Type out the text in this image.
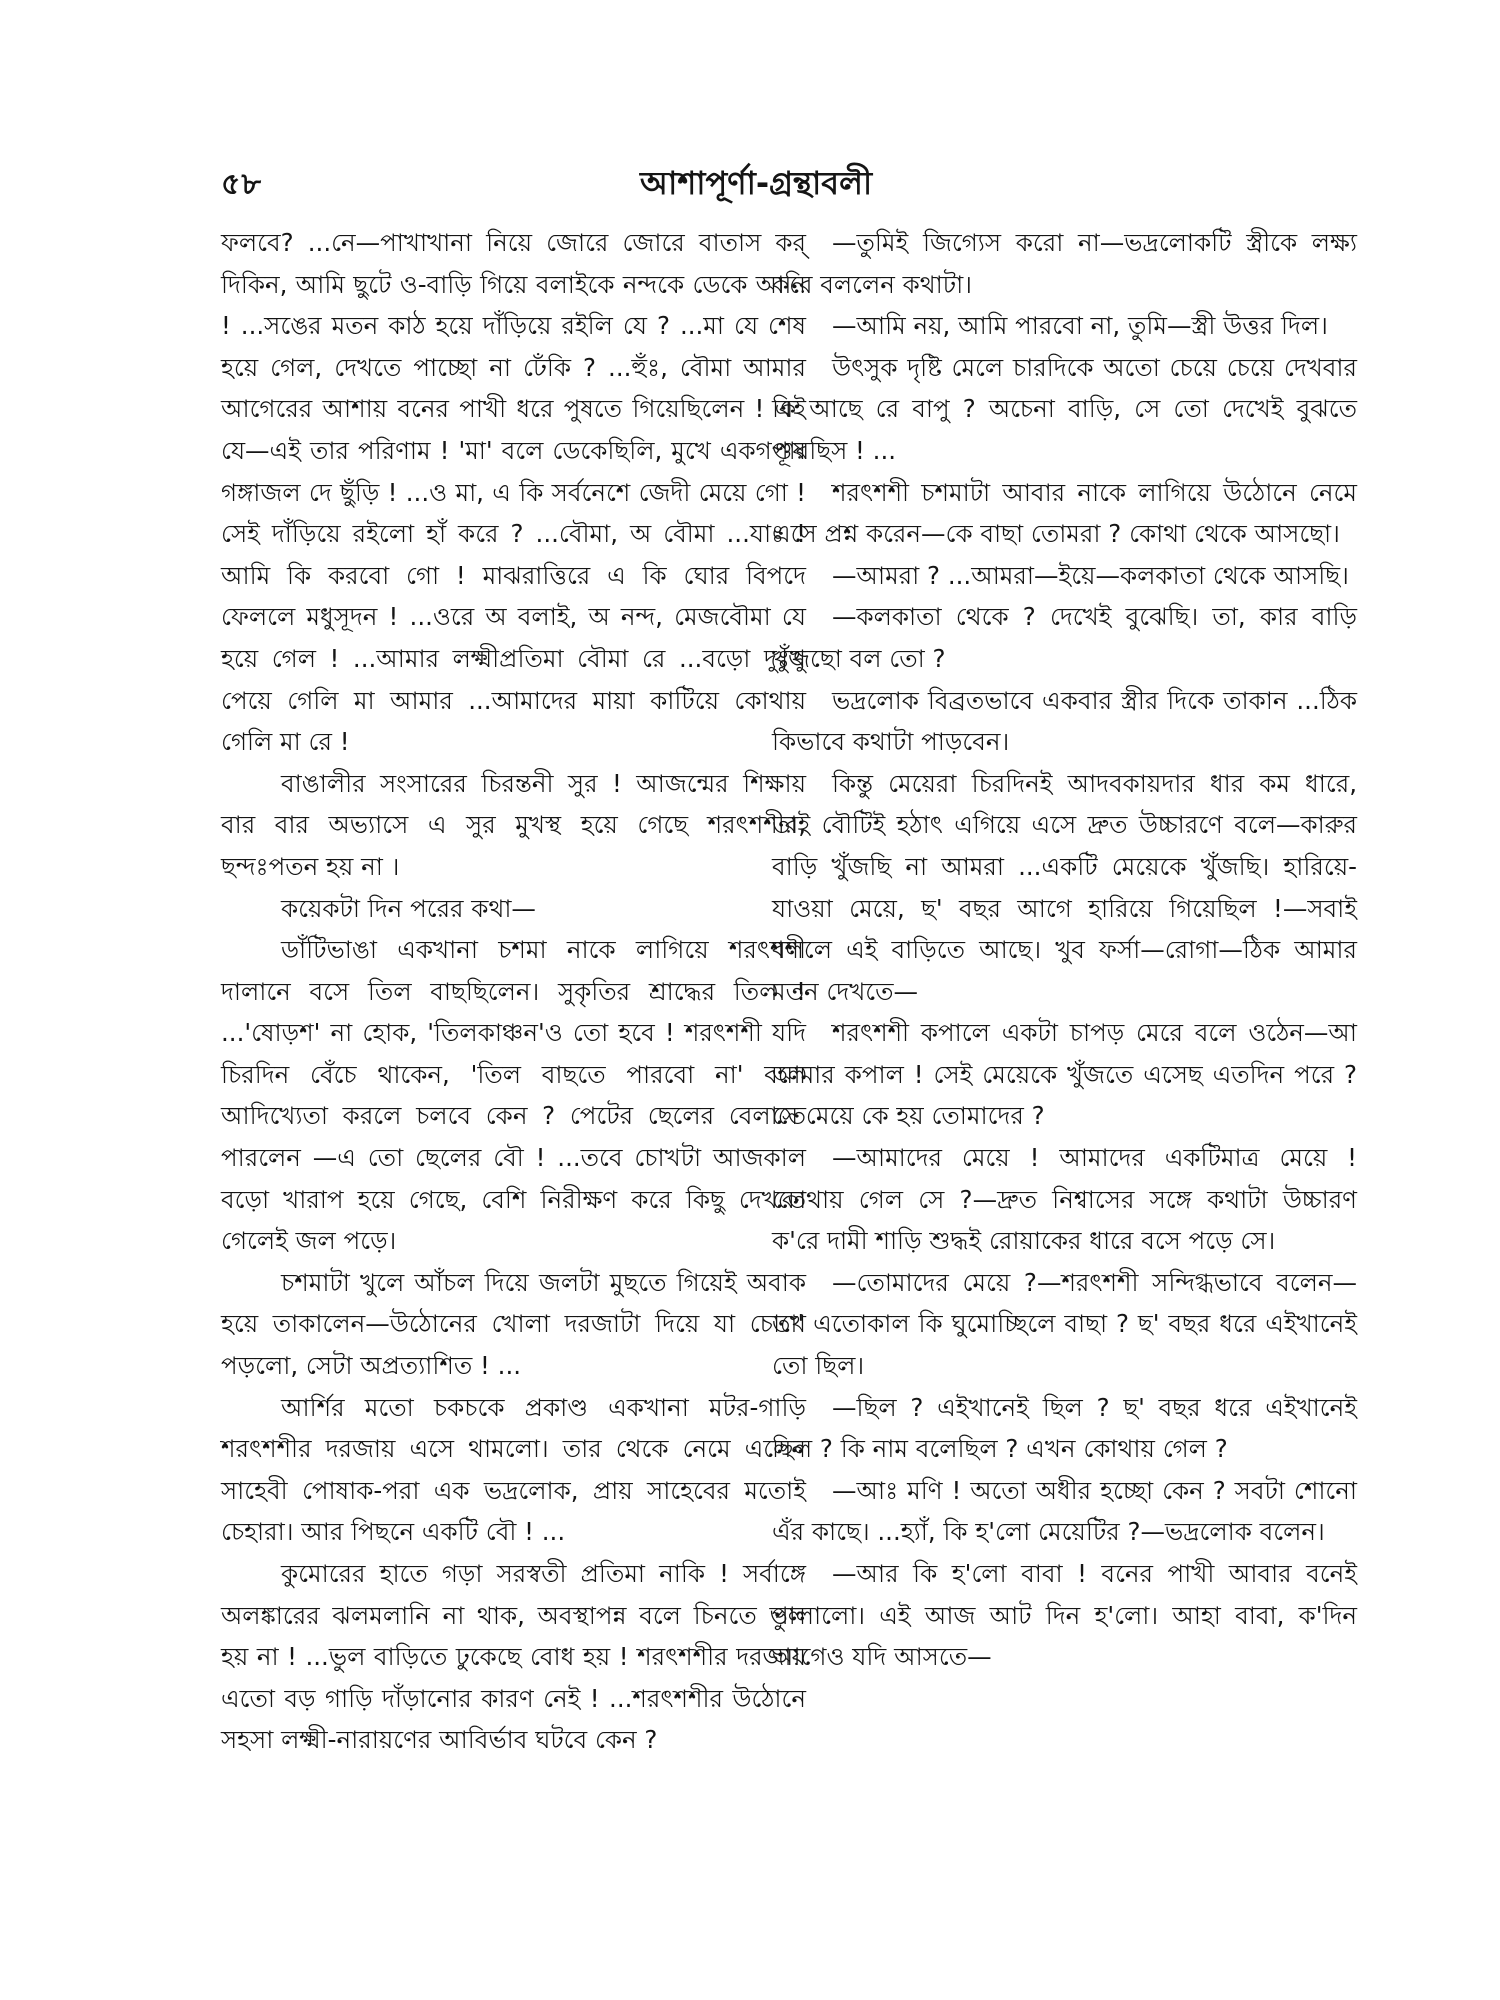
৫৮	আশাপূর্ণা-গ্রন্থাবলী

ফলবে? ...নে—পাখাখানা নিয়ে জোরে জোরে বাতাস কর্ দিকিন, আমি ছুটে ও-বাড়ি গিয়ে বলাইকে নন্দকে ডেকে আনি ! ...সঙের মতন কাঠ হয়ে দাঁড়িয়ে রইলি যে ? ...মা যে শেষ হয়ে গেল, দেখতে পাচ্ছো না ঢেঁকি ? ...হুঁঃ, বৌমা আমার আগেরের আশায় বনের পাখী ধরে পুষতে গিয়েছিলেন ! এই যে—এই তার পরিণাম ! 'মা' বলে ডেকেছিলি, মুখে একগণ্ডূষ গঙ্গাজল দে ছুঁড়ি ! ...ও মা, এ কি সর্বনেশে জেদী মেয়ে গো ! সেই দাঁড়িয়ে রইলো হাঁ করে ? ...বৌমা, অ বৌমা ...যাঃ ! আমি কি করবো গো ! মাঝরাত্তিরে এ কি ঘোর বিপদে ফেললে মধুসূদন ! ...ওরে অ বলাই, অ নন্দ, মেজবৌমা যে হয়ে গেল ! ...আমার লক্ষ্মীপ্রতিমা বৌমা রে ...বড়ো দুঃখু পেয়ে গেলি মা আমার ...আমাদের মায়া কাটিয়ে কোথায় গেলি মা রে !

বাঙালীর সংসারের চিরন্তনী সুর ! আজন্মের শিক্ষায় বার বার অভ্যাসে এ সুর মুখস্থ হয়ে গেছে শরৎশশীর, ছন্দঃপতন হয় না ।

কয়েকটা দিন পরের কথা—

ডাঁটিভাঙা একখানা চশমা নাকে লাগিয়ে শরৎশশী দালানে বসে তিল বাছছিলেন। সুকৃতির শ্রাদ্ধের তিল ! ...'ষোড়শ' না হোক, 'তিলকাঞ্চন'ও তো হবে ! শরৎশশী যদি চিরদিন বেঁচে থাকেন, 'তিল বাছতে পারবো না' বলে আদিখ্যেতা করলে চলবে কেন ? পেটের ছেলের বেলাতে পারলেন —এ তো ছেলের বৌ ! ...তবে চোখটা আজকাল বড়ো খারাপ হয়ে গেছে, বেশি নিরীক্ষণ করে কিছু দেখতে গেলেই জল পড়ে।

চশমাটা খুলে আঁচল দিয়ে জলটা মুছতে গিয়েই অবাক হয়ে তাকালেন—উঠোনের খোলা দরজাটা দিয়ে যা চোখে পড়লো, সেটা অপ্রত্যাশিত ! ...

আর্শির মতো চকচকে প্রকাণ্ড একখানা মটর-গাড়ি শরৎশশীর দরজায় এসে থামলো। তার থেকে নেমে এলেন সাহেবী পোষাক-পরা এক ভদ্রলোক, প্রায় সাহেবের মতোই চেহারা। আর পিছনে একটি বৌ ! ...

কুমোরের হাতে গড়া সরস্বতী প্রতিমা নাকি ! সর্বাঙ্গে অলঙ্কারের ঝলমলানি না থাক, অবস্থাপন্ন বলে চিনতে ভুল হয় না ! ...ভুল বাড়িতে ঢুকেছে বোধ হয় ! শরৎশশীর দরজায় এতো বড় গাড়ি দাঁড়ানোর কারণ নেই ! ...শরৎশশীর উঠোনে সহসা লক্ষ্মী-নারায়ণের আবির্ভাব ঘটবে কেন ?

—তুমিই জিগ্যেস করো না—ভদ্রলোকটি স্ত্রীকে লক্ষ্য করে বললেন কথাটা।

—আমি নয়, আমি পারবো না, তুমি—স্ত্রী উত্তর দিল।

উৎসুক দৃষ্টি মেলে চারদিকে অতো চেয়ে চেয়ে দেখবার কি আছে রে বাপু ? অচেনা বাড়ি, সে তো দেখেই বুঝতে পারছিস ! ...

শরৎশশী চশমাটা আবার নাকে লাগিয়ে উঠোনে নেমে এসে প্রশ্ন করেন—কে বাছা তোমরা ? কোথা থেকে আসছো।

—আমরা ? ...আমরা—ইয়ে—কলকাতা থেকে আসছি।

—কলকাতা থেকে ? দেখেই বুঝেছি। তা, কার বাড়ি খুঁজছো বল তো ?

ভদ্রলোক বিব্রতভাবে একবার স্ত্রীর দিকে তাকান ...ঠিক কিভাবে কথাটা পাড়বেন।

কিন্তু মেয়েরা চিরদিনই আদবকায়দার ধার কম ধারে, তাই বৌটিই হঠাৎ এগিয়ে এসে দ্রুত উচ্চারণে বলে—কারুর বাড়ি খুঁজছি না আমরা ...একটি মেয়েকে খুঁজছি। হারিয়ে-যাওয়া মেয়ে, ছ' বছর আগে হারিয়ে গিয়েছিল !—সবাই বললে এই বাড়িতে আছে। খুব ফর্সা—রোগা—ঠিক আমার মতন দেখতে—

শরৎশশী কপালে একটা চাপড় মেরে বলে ওঠেন—আ আমার কপাল ! সেই মেয়েকে খুঁজতে এসেছ এতদিন পরে ? সে মেয়ে কে হয় তোমাদের ?

—আমাদের মেয়ে ! আমাদের একটিমাত্র মেয়ে ! কোথায় গেল সে ?—দ্রুত নিশ্বাসের সঙ্গে কথাটা উচ্চারণ ক'রে দামী শাড়ি শুদ্ধই রোয়াকের ধারে বসে পড়ে সে।

—তোমাদের মেয়ে ?—শরৎশশী সন্দিগ্ধভাবে বলেন—তা' এতোকাল কি ঘুমোচ্ছিলে বাছা ? ছ' বছর ধরে এইখানেই তো ছিল।

—ছিল ? এইখানেই ছিল ? ছ' বছর ধরে এইখানেই ছিল ? কি নাম বলেছিল ? এখন কোথায় গেল ?

—আঃ মণি ! অতো অধীর হচ্ছো কেন ? সবটা শোনো এঁর কাছে। ...হ্যাঁ, কি হ'লো মেয়েটির ?—ভদ্রলোক বলেন।

—আর কি হ'লো বাবা ! বনের পাখী আবার বনেই পালালো। এই আজ আট দিন হ'লো। আহা বাবা, ক'দিন আগেও যদি আসতে—
